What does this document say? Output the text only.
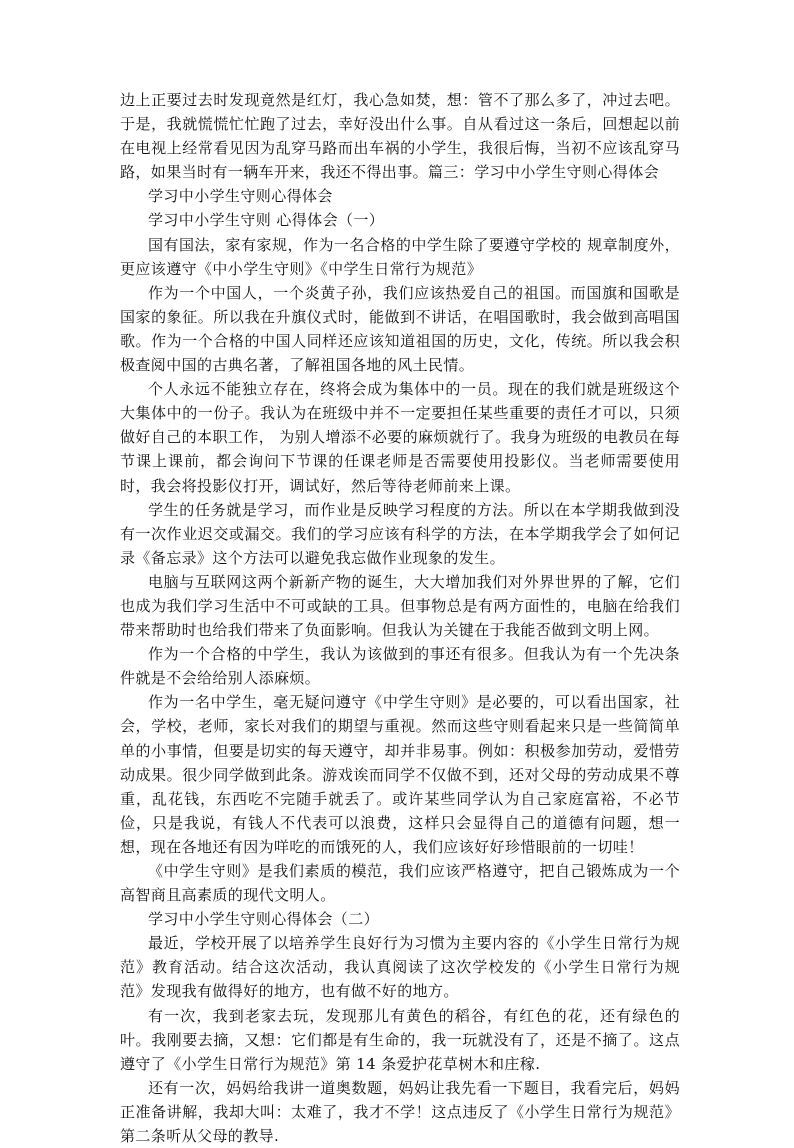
边上正要过去时发现竟然是红灯，我心急如焚，想：管不了那么多了，冲过去吧。于是，我就慌慌忙忙跑了过去，幸好没出什么事。自从看过这一条后，回想起以前在电视上经常看见因为乱穿马路而出车祸的小学生，我很后悔，当初不应该乱穿马路，如果当时有一辆车开来，我还不得出事。篇三：学习中小学生守则心得体会

学习中小学生守则心得体会

学习中小学生守则 心得体会（一）

国有国法，家有家规，作为一名合格的中学生除了要遵守学校的 规章制度外，更应该遵守《中小学生守则》《中学生日常行为规范》

作为一个中国人，一个炎黄子孙，我们应该热爱自己的祖国。而国旗和国歌是国家的象征。所以我在升旗仪式时，能做到不讲话，在唱国歌时，我会做到高唱国歌。作为一个合格的中国人同样还应该知道祖国的历史，文化，传统。所以我会积极查阅中国的古典名著，了解祖国各地的风土民情。

个人永远不能独立存在，终将会成为集体中的一员。现在的我们就是班级这个大集体中的一份子。我认为在班级中并不一定要担任某些重要的责任才可以，只须做好自己的本职工作， 为别人增添不必要的麻烦就行了。我身为班级的电教员在每节课上课前，都会询问下节课的任课老师是否需要使用投影仪。当老师需要使用时，我会将投影仪打开，调试好，然后等待老师前来上课。

学生的任务就是学习，而作业是反映学习程度的方法。所以在本学期我做到没有一次作业迟交或漏交。我们的学习应该有科学的方法，在本学期我学会了如何记录《备忘录》这个方法可以避免我忘做作业现象的发生。

电脑与互联网这两个新新产物的诞生，大大增加我们对外界世界的了解，它们也成为我们学习生活中不可或缺的工具。但事物总是有两方面性的，电脑在给我们带来帮助时也给我们带来了负面影响。但我认为关键在于我能否做到文明上网。

作为一个合格的中学生，我认为该做到的事还有很多。但我认为有一个先决条件就是不会给给别人添麻烦。

作为一名中学生，毫无疑问遵守《中学生守则》是必要的，可以看出国家，社会，学校，老师，家长对我们的期望与重视。然而这些守则看起来只是一些简简单单的小事情，但要是切实的每天遵守，却并非易事。例如：积极参加劳动，爱惜劳动成果。很少同学做到此条。游戏诶而同学不仅做不到，还对父母的劳动成果不尊重，乱花钱，东西吃不完随手就丢了。或许某些同学认为自己家庭富裕，不必节俭，只是我说，有钱人不代表可以浪费，这样只会显得自己的道德有问题，想一想，现在各地还有因为咩吃的而饿死的人，我们应该好好珍惜眼前的一切哇！

《中学生守则》是我们素质的模范，我们应该严格遵守，把自己锻炼成为一个高智商且高素质的现代文明人。

学习中小学生守则心得体会（二）

最近，学校开展了以培养学生良好行为习惯为主要内容的《小学生日常行为规范》教育活动。结合这次活动，我认真阅读了这次学校发的《小学生日常行为规范》发现我有做得好的地方，也有做不好的地方。

有一次，我到老家去玩，发现那儿有黄色的稻谷，有红色的花，还有绿色的叶。我刚要去摘，又想：它们都是有生命的，我一玩就没有了，还是不摘了。这点遵守了《小学生日常行为规范》第 14 条爱护花草树木和庄稼.

还有一次，妈妈给我讲一道奥数题，妈妈让我先看一下题目，我看完后，妈妈正准备讲解，我却大叫：太难了，我才不学！这点违反了《小学生日常行为规范》第二条听从父母的教导.
